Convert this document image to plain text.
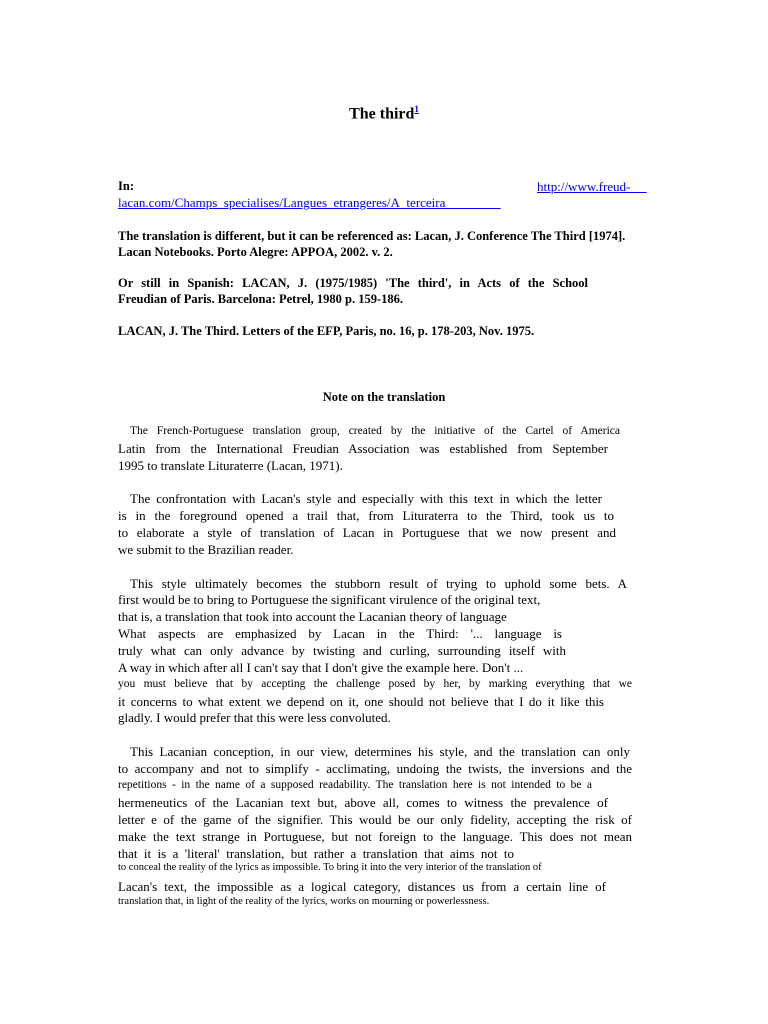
The third$^1$
In:	http://www.freud-
lacan.com/Champs_specialises/Langues_etrangeres/A_terceira
The translation is different, but it can be referenced as: Lacan, J. Conference The Third [1974].
Lacan Notebooks. Porto Alegre: APPOA, 2002. v. 2.
Or still in Spanish: LACAN, J. (1975/1985) 'The third', in Acts of the School
Freudian of Paris. Barcelona: Petrel, 1980 p. 159-186.
LACAN, J. The Third. Letters of the EFP, Paris, no. 16, p. 178-203, Nov. 1975.
Note on the translation
The French-Portuguese translation group, created by the initiative of the Cartel of America
Latin from the International Freudian Association was established from September
1995 to translate Lituraterre (Lacan, 1971).
The confrontation with Lacan's style and especially with this text in which the letter
is in the foreground opened a trail that, from Lituraterra to the Third, took us to
to elaborate a style of translation of Lacan in Portuguese that we now present and
we submit to the Brazilian reader.
This style ultimately becomes the stubborn result of trying to uphold some bets. A
first would be to bring to Portuguese the significant virulence of the original text,
that is, a translation that took into account the Lacanian theory of language
What aspects are emphasized by Lacan in the Third: '... language is
truly what can only advance by twisting and curling, surrounding itself with
A way in which after all I can't say that I don't give the example here. Don't ...
you must believe that by accepting the challenge posed by her, by marking everything that we
it concerns to what extent we depend on it, one should not believe that I do it like this
gladly. I would prefer that this were less convoluted.
This Lacanian conception, in our view, determines his style, and the translation can only
to accompany and not to simplify - acclimating, undoing the twists, the inversions and the
repetitions - in the name of a supposed readability. The translation here is not intended to be a
hermeneutics of the Lacanian text but, above all, comes to witness the prevalence of
letter e of the game of the signifier. This would be our only fidelity, accepting the risk of
make the text strange in Portuguese, but not foreign to the language. This does not mean
that it is a 'literal' translation, but rather a translation that aims not to
to conceal the reality of the lyrics as impossible. To bring it into the very interior of the translation of
Lacan's text, the impossible as a logical category, distances us from a certain line of
translation that, in light of the reality of the lyrics, works on mourning or powerlessness.
